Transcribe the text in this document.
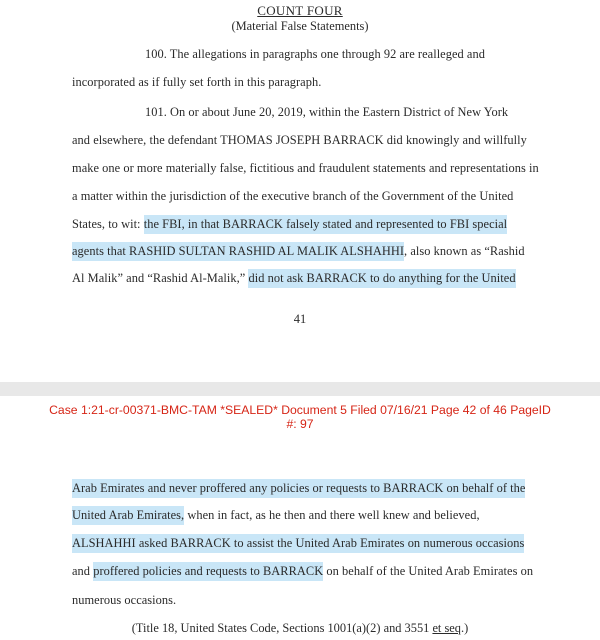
COUNT FOUR
(Material False Statements)
100. The allegations in paragraphs one through 92 are realleged and
incorporated as if fully set forth in this paragraph.
101. On or about June 20, 2019, within the Eastern District of New York
and elsewhere, the defendant THOMAS JOSEPH BARRACK did knowingly and willfully
make one or more materially false, fictitious and fraudulent statements and representations in
a matter within the jurisdiction of the executive branch of the Government of the United
States, to wit: the FBI, in that BARRACK falsely stated and represented to FBI special
agents that RASHID SULTAN RASHID AL MALIK ALSHAHHI, also known as “Rashid
Al Malik” and “Rashid Al-Malik,” did not ask BARRACK to do anything for the United
41
Case 1:21-cr-00371-BMC-TAM *SEALED* Document 5 Filed 07/16/21 Page 42 of 46 PageID
#: 97
Arab Emirates and never proffered any policies or requests to BARRACK on behalf of the
United Arab Emirates, when in fact, as he then and there well knew and believed,
ALSHAHHI asked BARRACK to assist the United Arab Emirates on numerous occasions
and proffered policies and requests to BARRACK on behalf of the United Arab Emirates on
numerous occasions.
(Title 18, United States Code, Sections 1001(a)(2) and 3551 et seq.)
